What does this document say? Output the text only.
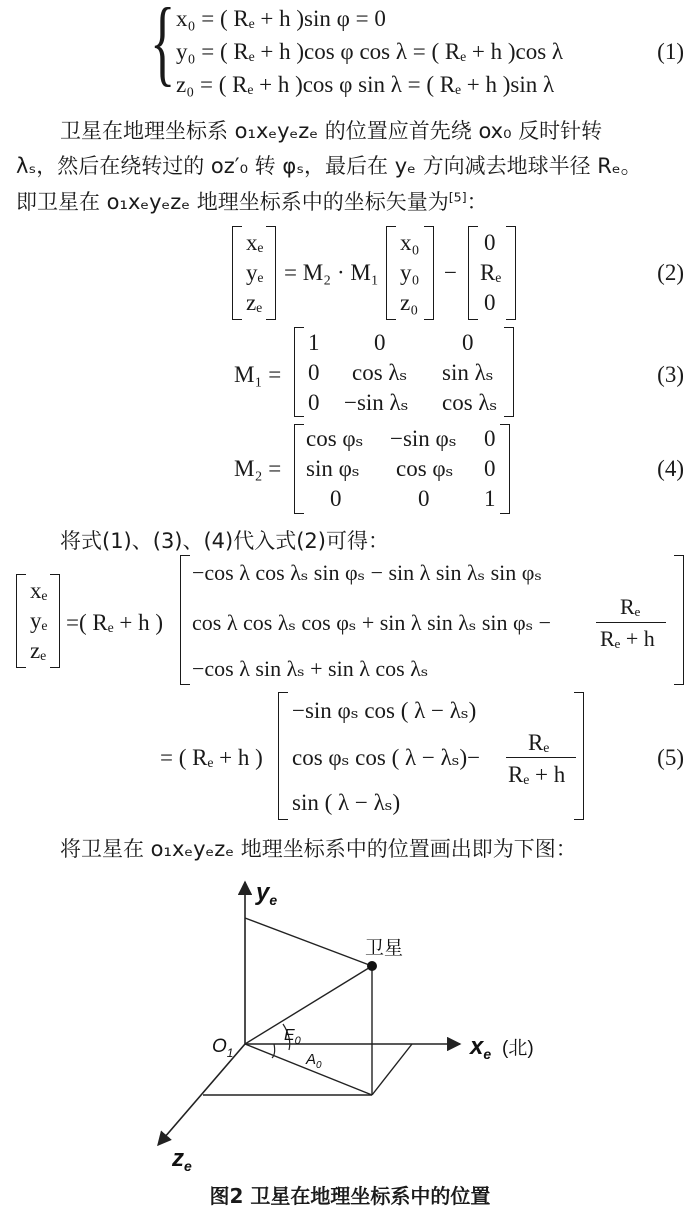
{ x₀ = ( Rₑ + h )sin φ = 0
y₀ = ( Rₑ + h )cos φ cos λ = ( Rₑ + h )cos λ
z₀ = ( Rₑ + h )cos φ sin λ = ( Rₑ + h )sin λ
(1)
卫星在地理坐标系 o₁xₑyₑzₑ 的位置应首先绕 ox₀ 反时针转
λₛ，然后在绕转过的 oz′₀ 转 φₛ，最后在 yₑ 方向减去地球半径 Rₑ。
即卫星在 o₁xₑyₑzₑ 地理坐标系中的坐标矢量为[5]：
xₑ
yₑ
zₑ
= M₂ · M₁
x₀
y₀
z₀
−
0
Rₑ
0
(2)
M₁ =
1 0	0
0 cos λₛ sin λₛ
0 −sin λₛ cos λₛ
(3)
M₂ =
cos φₛ −sin φₛ 0
sin φₛ cos φₛ 0
0	0 1
(4)
将式(1)、(3)、(4)代入式(2)可得：
xₑ
yₑ
zₑ
=( Rₑ + h )
−cos λ cos λₛ sin φₛ − sin λ sin λₛ sin φₛ
cos λ cos λₛ cos φₛ + sin λ sin λₛ sin φₛ −
Rₑ
Rₑ + h
−cos λ sin λₛ + sin λ cos λₛ
= ( Rₑ + h )
−sin φₛ cos ( λ − λₛ)
cos φₛ cos ( λ − λₛ)−
Rₑ
Rₑ + h
sin ( λ − λₛ)
(5)
将卫星在 o₁xₑyₑzₑ 地理坐标系中的位置画出即为下图：
$y_e$
卫星
$O_1$
$E_0$
$A_0$
$x_e$ (北)
$z_e$
图2 卫星在地理坐标系中的位置
